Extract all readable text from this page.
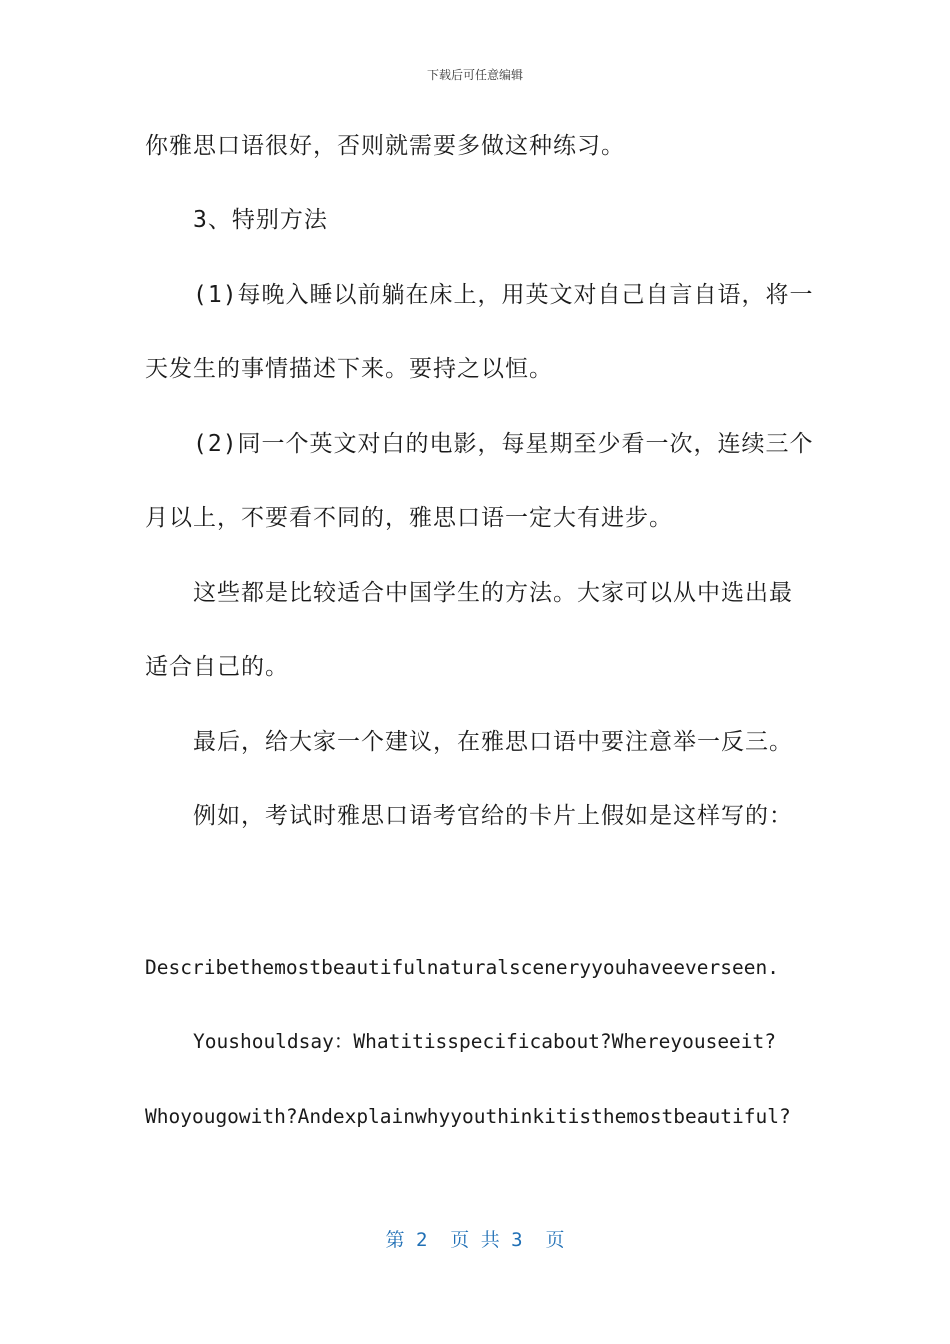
下载后可任意编辑
你雅思口语很好，否则就需要多做这种练习。
3、特别方法
(1)每晚入睡以前躺在床上，用英文对自己自言自语，将一
天发生的事情描述下来。要持之以恒。
(2)同一个英文对白的电影，每星期至少看一次，连续三个
月以上，不要看不同的，雅思口语一定大有进步。
这些都是比较适合中国学生的方法。大家可以从中选出最
适合自己的。
最后，给大家一个建议，在雅思口语中要注意举一反三。
例如，考试时雅思口语考官给的卡片上假如是这样写的：
Describethemostbeautifulnaturalsceneryyouhaveeverseen.
Youshouldsay：Whatitisspecificabout?Whereyouseeit?
Whoyougowith?Andexplainwhyyouthinkitisthemostbeautiful?
第 2  页 共 3  页
